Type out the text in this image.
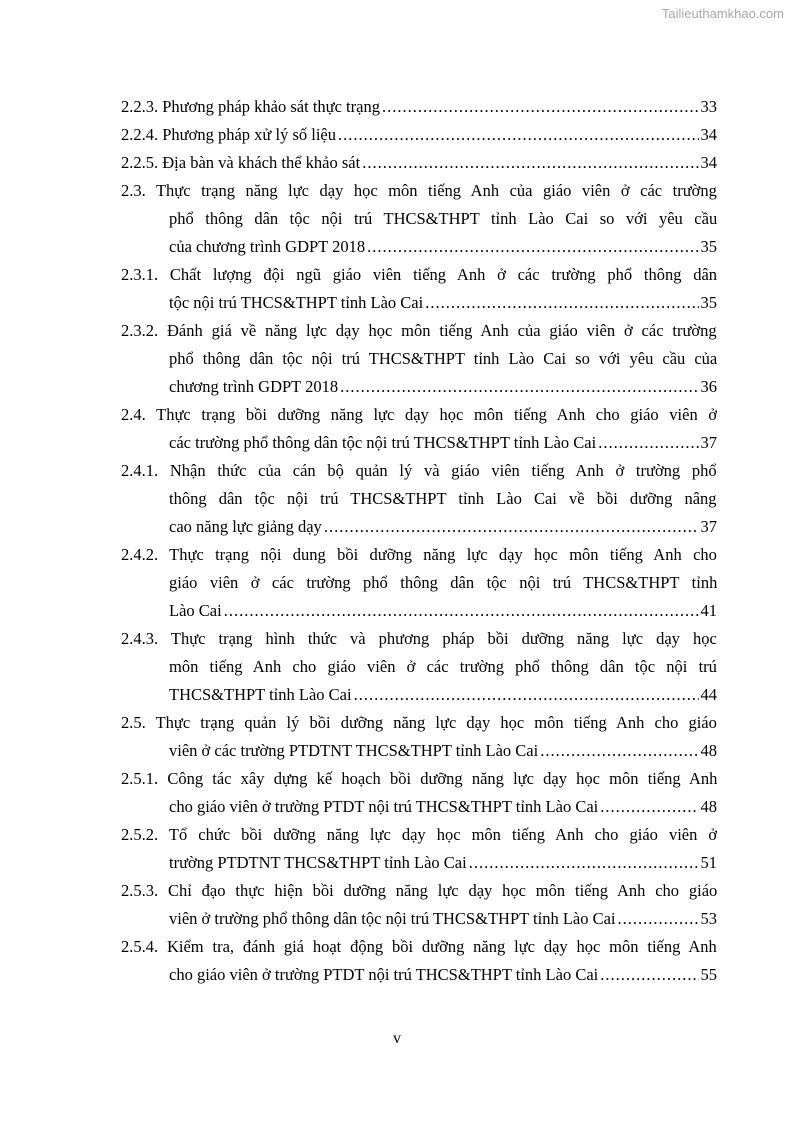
Tailieuthamkhao.com
2.2.3. Phương pháp khảo sát thực trạng .....	33
2.2.4. Phương pháp xử lý số liệu .....	34
2.2.5. Địa bàn và khách thể khảo sát .....	34
2.3. Thực trạng năng lực dạy học môn tiếng Anh của giáo viên ở các trường
phổ thông dân tộc nội trú THCS&THPT tỉnh Lào Cai so với yêu cầu
của chương trình GDPT 2018 .....	35
2.3.1. Chất lượng đội ngũ giáo viên tiếng Anh ở các trường phổ thông dân
tộc nội trú THCS&THPT tỉnh Lào Cai .....	35
2.3.2. Đánh giá về năng lực dạy học môn tiếng Anh của giáo viên ở các trường
phổ thông dân tộc nội trú THCS&THPT tỉnh Lào Cai so với yêu cầu của
chương trình GDPT 2018 .....	36
2.4. Thực trạng bồi dưỡng năng lực dạy học môn tiếng Anh cho giáo viên ở
các trường phổ thông dân tộc nội trú THCS&THPT tỉnh Lào Cai .....	37
2.4.1. Nhận thức của cán bộ quản lý và giáo viên tiếng Anh ở trường phổ
thông dân tộc nội trú THCS&THPT tỉnh Lào Cai về bồi dưỡng nâng
cao năng lực giảng dạy .....	37
2.4.2. Thực trạng nội dung bồi dưỡng năng lực dạy học môn tiếng Anh cho
giáo viên ở các trường phổ thông dân tộc nội trú THCS&THPT tỉnh
Lào Cai .....	41
2.4.3. Thực trạng hình thức và phương pháp bồi dưỡng năng lực dạy học
môn tiếng Anh cho giáo viên ở các trường phổ thông dân tộc nội trú
THCS&THPT tỉnh Lào Cai .....	44
2.5. Thực trạng quản lý bồi dưỡng năng lực dạy học môn tiếng Anh cho giáo
viên ở các trường PTDTNT THCS&THPT tỉnh Lào Cai .....	48
2.5.1. Công tác xây dựng kế hoạch bồi dưỡng năng lực dạy học môn tiếng Anh
cho giáo viên ở trường PTDT nội trú THCS&THPT tỉnh Lào Cai .....	48
2.5.2. Tổ chức bồi dưỡng năng lực dạy học môn tiếng Anh cho giáo viên ở
trường PTDTNT THCS&THPT tỉnh Lào Cai .....	51
2.5.3. Chỉ đạo thực hiện bồi dưỡng năng lực dạy học môn tiếng Anh cho giáo
viên ở trường phổ thông dân tộc nội trú THCS&THPT tỉnh Lào Cai .....	53
2.5.4. Kiểm tra, đánh giá hoạt động bồi dưỡng năng lực dạy học môn tiếng Anh
cho giáo viên ở trường PTDT nội trú THCS&THPT tỉnh Lào Cai .....	55
v
